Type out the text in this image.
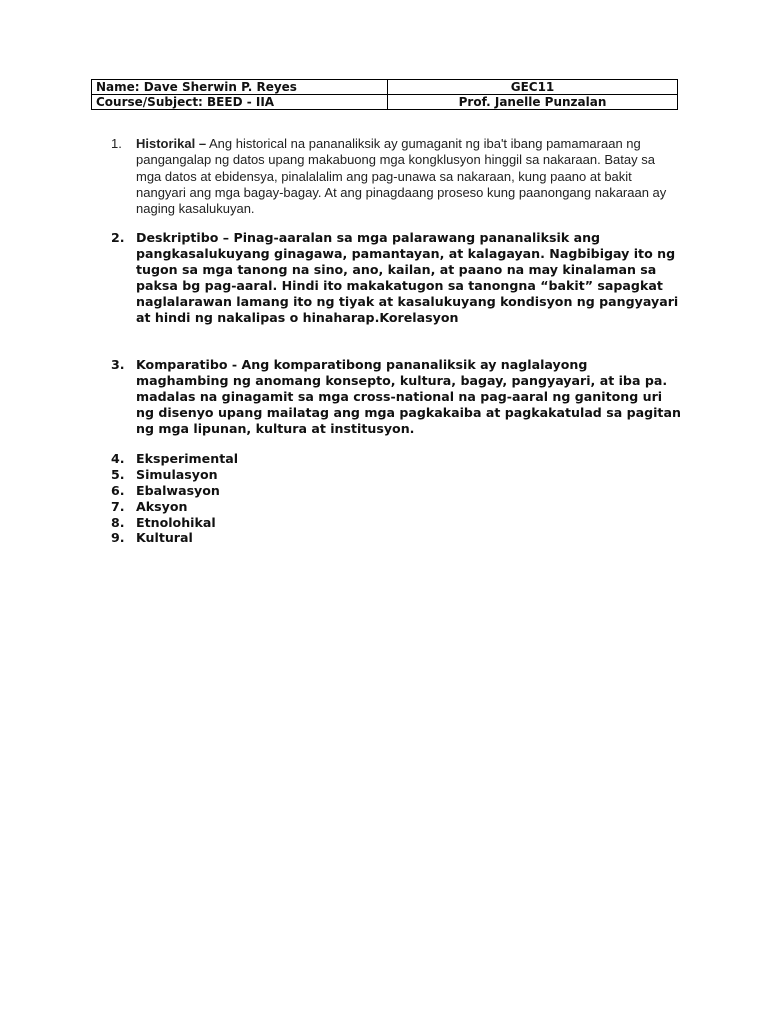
Name: Dave Sherwin P. Reyes	GEC11
Course/Subject: BEED - IIA	Prof. Janelle Punzalan
1.	Historikal – Ang historical na pananaliksik ay gumaganit ng iba't ibang pamamaraan ng pangangalap ng datos upang makabuong mga kongklusyon hinggil sa nakaraan. Batay sa mga datos at ebidensya, pinalalalim ang pag-unawa sa nakaraan, kung paano at bakit nangyari ang mga bagay-bagay. At ang pinagdaang proseso kung paanongang nakaraan ay naging kasalukuyan.
2. Deskriptibo – Pinag-aaralan sa mga palarawang pananaliksik ang pangkasalukuyang ginagawa, pamantayan, at kalagayan. Nagbibigay ito ng tugon sa mga tanong na sino, ano, kailan, at paano na may kinalaman sa paksa bg pag-aaral. Hindi ito makakatugon sa tanongna “bakit” sapagkat naglalarawan lamang ito ng tiyak at kasalukuyang kondisyon ng pangyayari at hindi ng nakalipas o hinaharap.Korelasyon
3. Komparatibo - Ang komparatibong pananaliksik ay naglalayong maghambing ng anomang konsepto, kultura, bagay, pangyayari, at iba pa. madalas na ginagamit sa mga cross-national na pag-aaral ng ganitong uri ng disenyo upang mailatag ang mga pagkakaiba at pagkakatulad sa pagitan ng mga lipunan, kultura at institusyon.
4. Eksperimental
5. Simulasyon
6. Ebalwasyon
7. Aksyon
8. Etnolohikal
9. Kultural
